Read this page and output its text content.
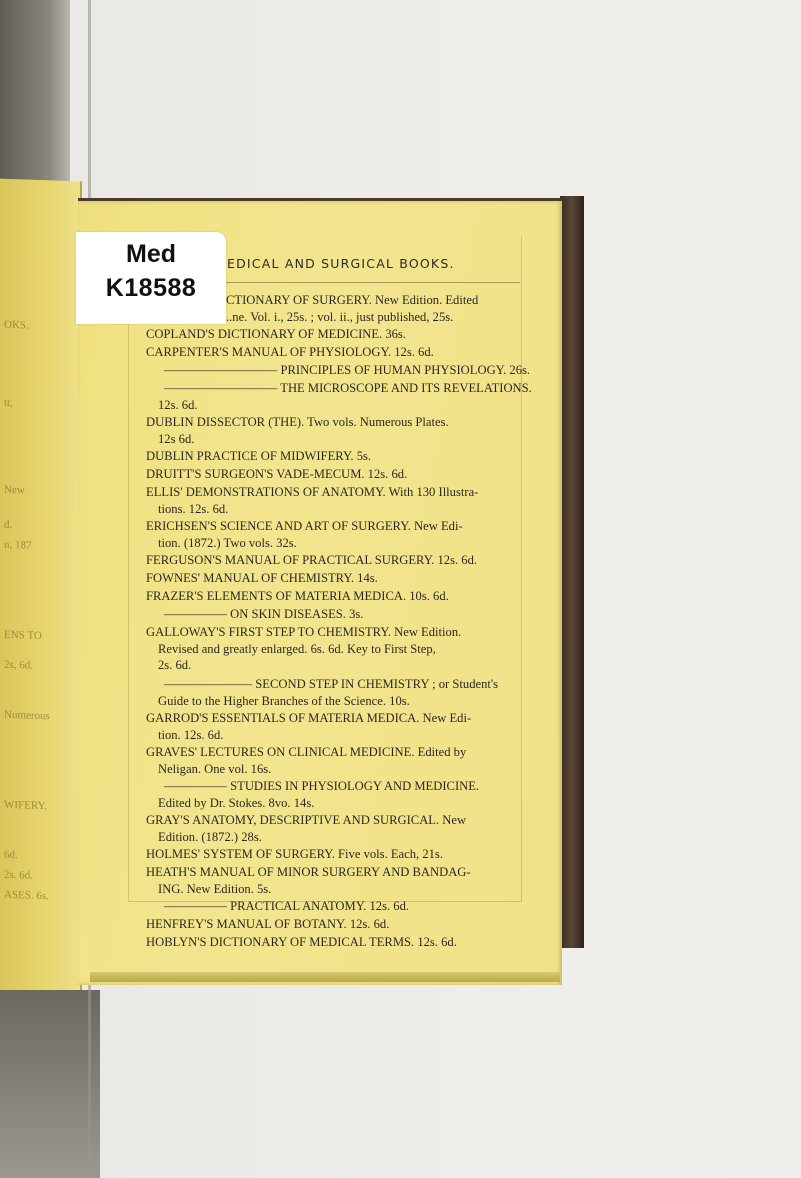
OKS.
tt,
New
d.
n, 187
ENS TO
2s, 6d.
Numerous
WIFERY.
6d.
2s. 6d.
ASES. 6s.
EDICAL AND SURGICAL BOOKS.
Med
K18588	CTIONARY OF SURGERY. New Edition. Edited
..ne. Vol. i., 25s. ; vol. ii., just published, 25s.
COPLAND'S DICTIONARY OF MEDICINE. 36s.
CARPENTER'S MANUAL OF PHYSIOLOGY. 12s. 6d.
————————— PRINCIPLES OF HUMAN PHYSIOLOGY. 26s.
————————— THE MICROSCOPE AND ITS REVELATIONS.
12s. 6d.
DUBLIN DISSECTOR (THE). Two vols. Numerous Plates.
12s 6d.
DUBLIN PRACTICE OF MIDWIFERY. 5s.
DRUITT'S SURGEON'S VADE-MECUM. 12s. 6d.
ELLIS' DEMONSTRATIONS OF ANATOMY. With 130 Illustra-
tions. 12s. 6d.
ERICHSEN'S SCIENCE AND ART OF SURGERY. New Edi-
tion. (1872.) Two vols. 32s.
FERGUSON'S MANUAL OF PRACTICAL SURGERY. 12s. 6d.
FOWNES' MANUAL OF CHEMISTRY. 14s.
FRAZER'S ELEMENTS OF MATERIA MEDICA. 10s. 6d.
————— ON SKIN DISEASES. 3s.
GALLOWAY'S FIRST STEP TO CHEMISTRY. New Edition.
Revised and greatly enlarged. 6s. 6d. Key to First Step,
2s. 6d.
——————— SECOND STEP IN CHEMISTRY ; or Student's
Guide to the Higher Branches of the Science. 10s.
GARROD'S ESSENTIALS OF MATERIA MEDICA. New Edi-
tion. 12s. 6d.
GRAVES' LECTURES ON CLINICAL MEDICINE. Edited by
Neligan. One vol. 16s.
————— STUDIES IN PHYSIOLOGY AND MEDICINE.
Edited by Dr. Stokes. 8vo. 14s.
GRAY'S ANATOMY, DESCRIPTIVE AND SURGICAL. New
Edition. (1872.) 28s.
HOLMES' SYSTEM OF SURGERY. Five vols. Each, 21s.
HEATH'S MANUAL OF MINOR SURGERY AND BANDAG-
ING. New Edition. 5s.
————— PRACTICAL ANATOMY. 12s. 6d.
HENFREY'S MANUAL OF BOTANY. 12s. 6d.
HOBLYN'S DICTIONARY OF MEDICAL TERMS. 12s. 6d.
